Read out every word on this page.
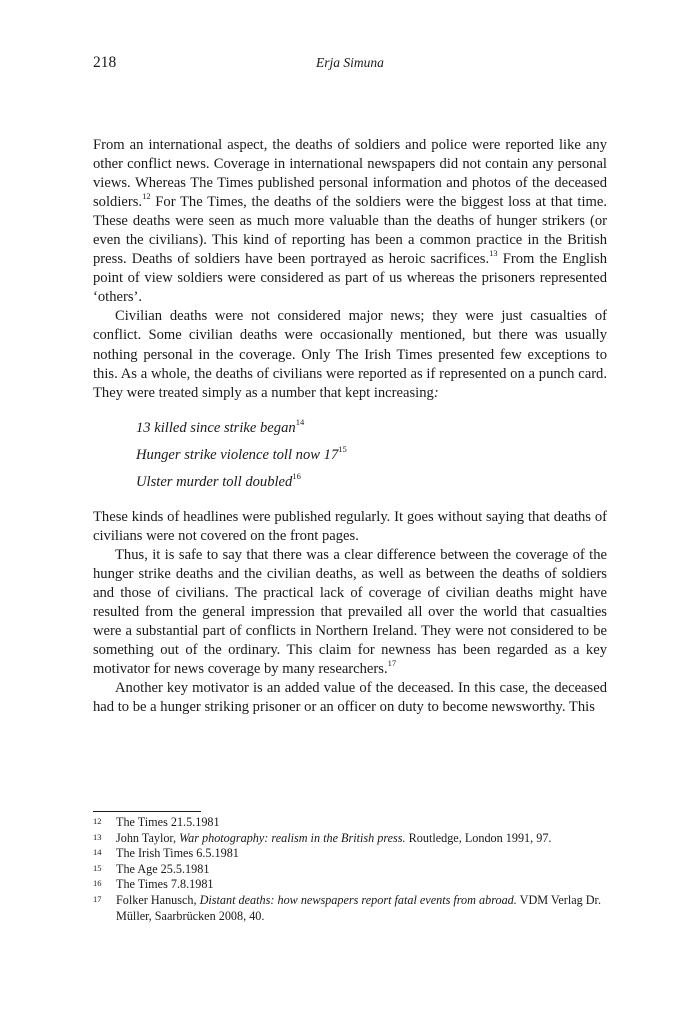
218	Erja Simuna

From an international aspect, the deaths of soldiers and police were reported like any other conflict news. Coverage in international newspapers did not contain any personal views. Whereas The Times published personal information and photos of the deceased soldiers.$^{12}$ For The Times, the deaths of the soldiers were the biggest loss at that time. These deaths were seen as much more valuable than the deaths of hunger strikers (or even the civilians). This kind of reporting has been a common practice in the British press. Deaths of soldiers have been portrayed as heroic sacrifices.$^{13}$ From the English point of view soldiers were considered as part of us whereas the prisoners represented ‘others’.

Civilian deaths were not considered major news; they were just casualties of conflict. Some civilian deaths were occasionally mentioned, but there was usually nothing personal in the coverage. Only The Irish Times presented few exceptions to this. As a whole, the deaths of civilians were reported as if represented on a punch card. They were treated simply as a number that kept increasing:

13 killed since strike began$^{14}$
Hunger strike violence toll now $17^{15}$
Ulster murder toll doubled$^{16}$

These kinds of headlines were published regularly. It goes without saying that deaths of civilians were not covered on the front pages.

Thus, it is safe to say that there was a clear difference between the coverage of the hunger strike deaths and the civilian deaths, as well as between the deaths of soldiers and those of civilians. The practical lack of coverage of civilian deaths might have resulted from the general impression that prevailed all over the world that casualties were a substantial part of conflicts in Northern Ireland. They were not considered to be something out of the ordinary. This claim for newness has been regarded as a key motivator for news coverage by many researchers.$^{17}$

Another key motivator is an added value of the deceased. In this case, the deceased had to be a hunger striking prisoner or an officer on duty to become newsworthy. This

12 The Times 21.5.1981
13 John Taylor, War photography: realism in the British press. Routledge, London 1991, 97.
14 The Irish Times 6.5.1981
15 The Age 25.5.1981
16 The Times 7.8.1981
17 Folker Hanusch, Distant deaths: how newspapers report fatal events from abroad. VDM Verlag Dr. Müller, Saarbrücken 2008, 40.
